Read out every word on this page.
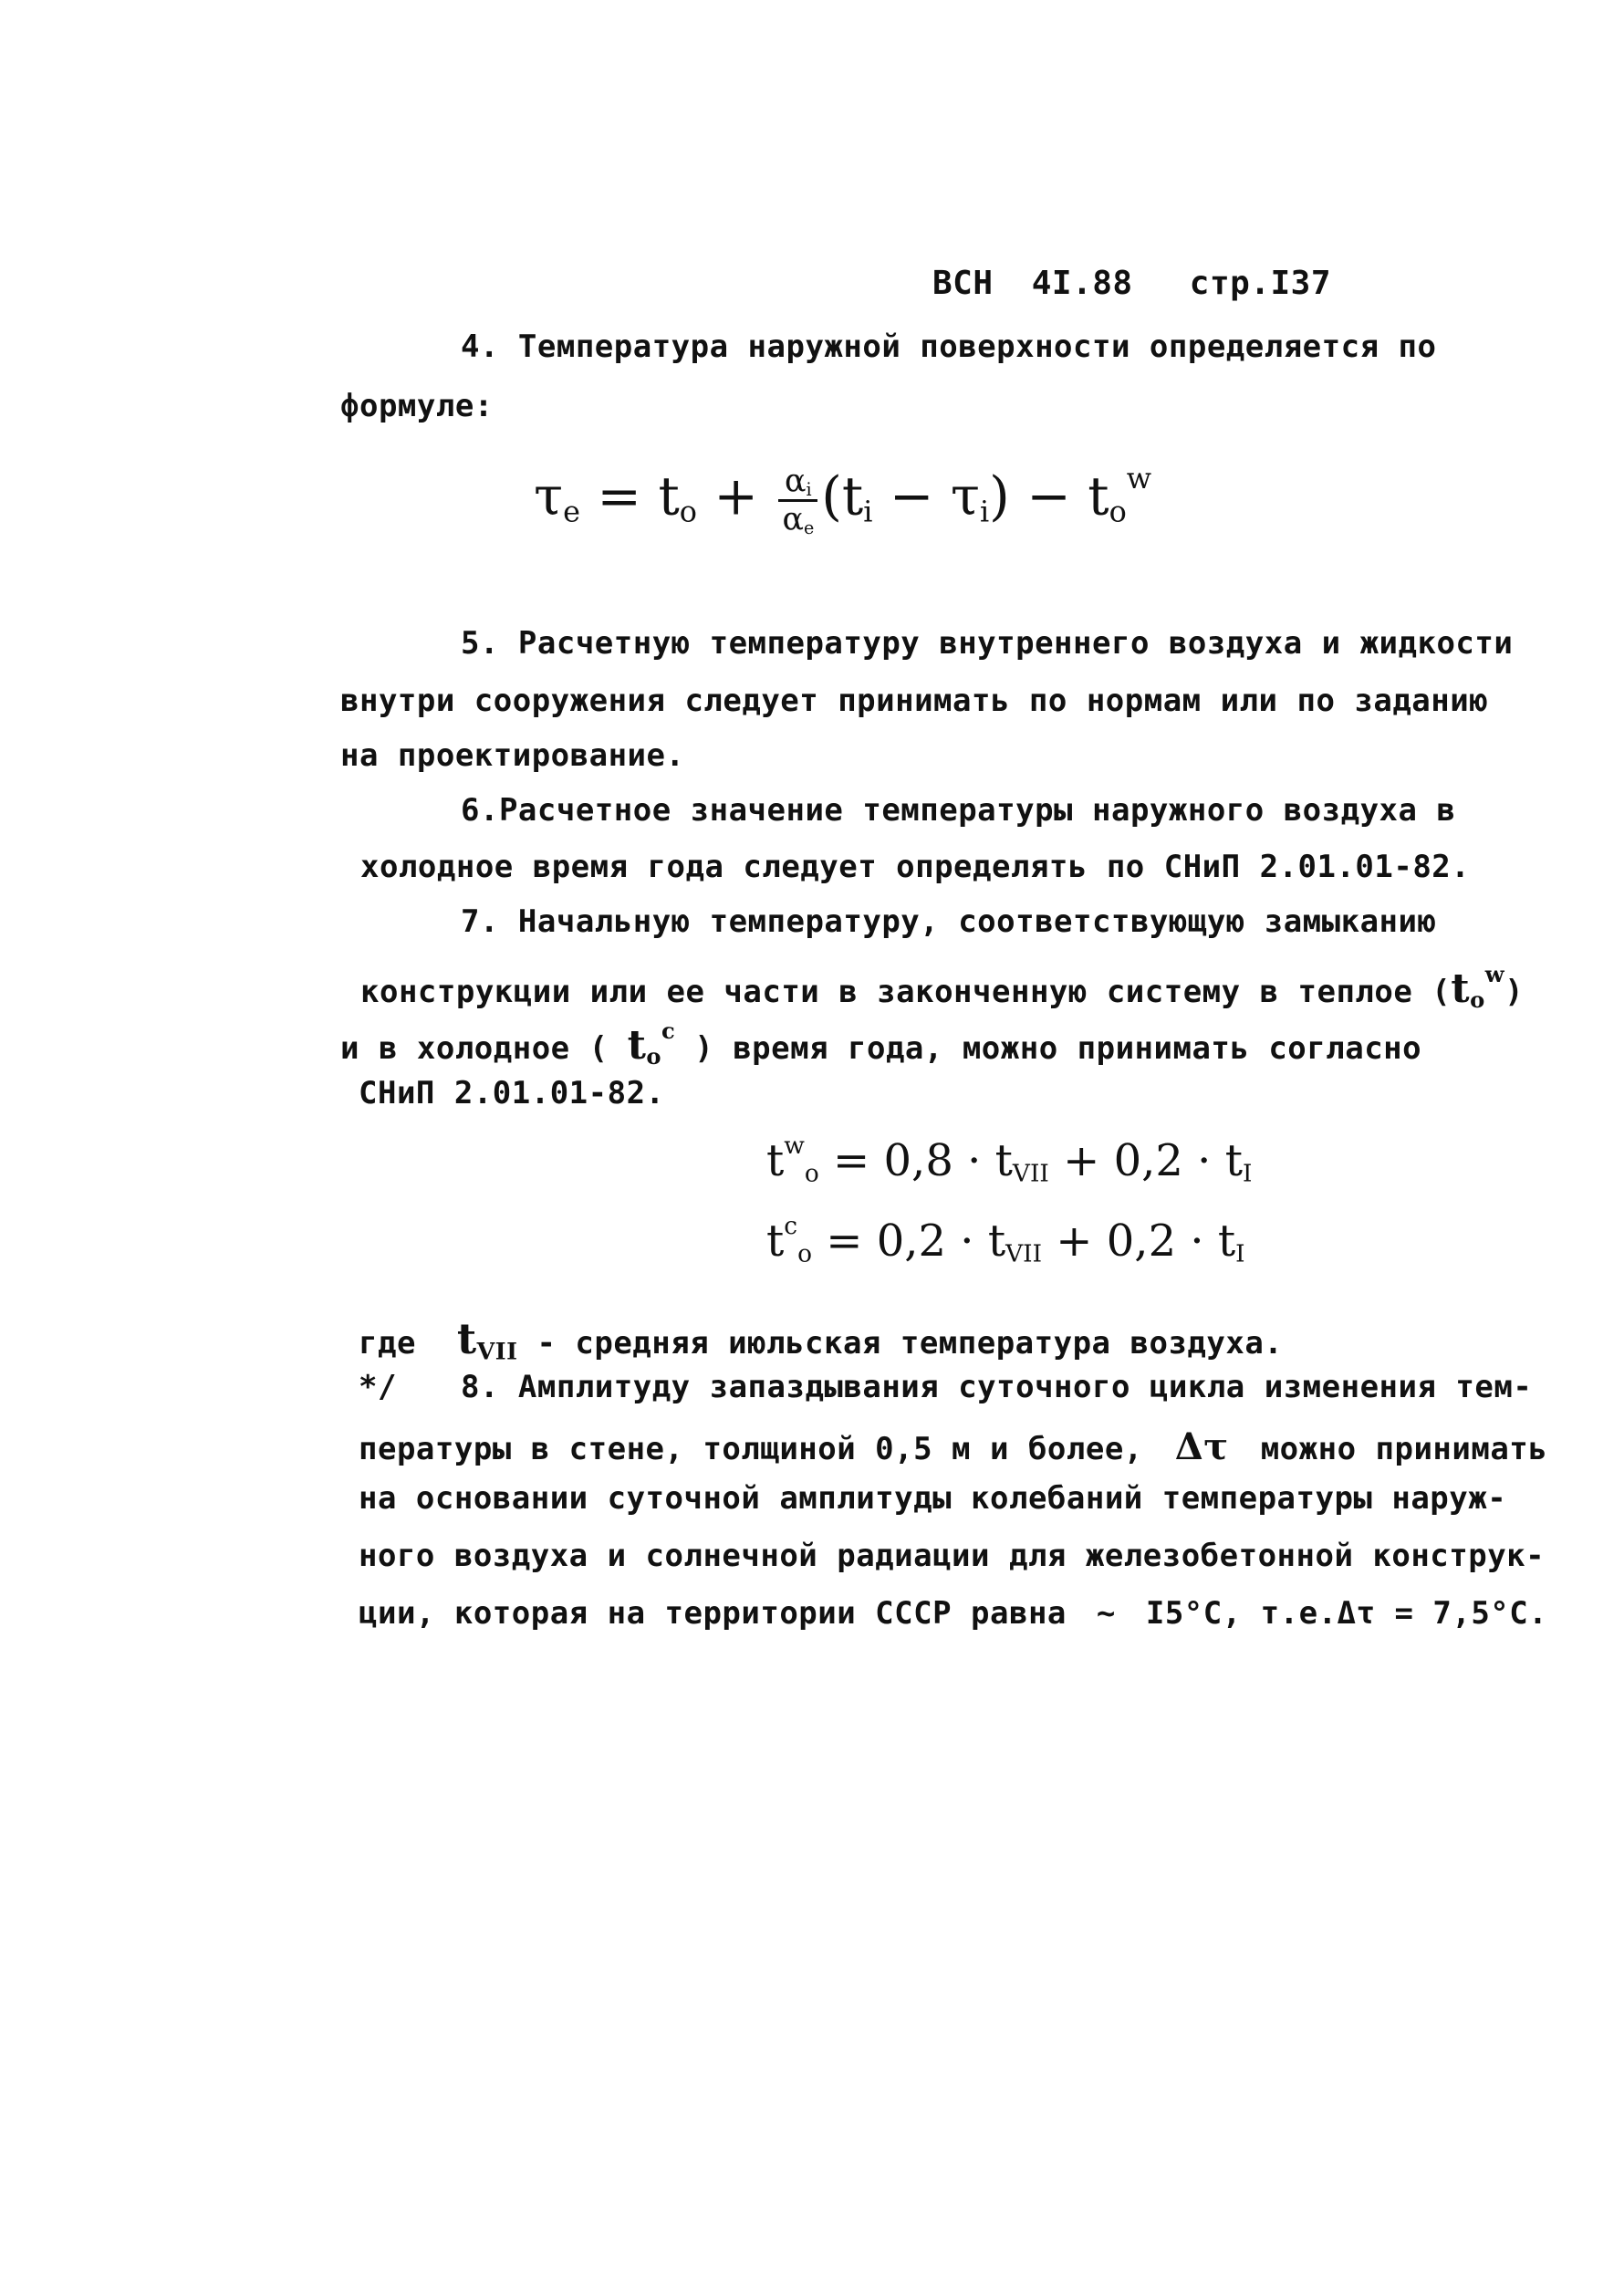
ВСН 4I.88 стр.I37
4. Температура наружной поверхности определяется по
формуле:
$\tau_e = t_o + \frac{\alpha_i}{\alpha_e} (t_i - \tau_i) - t_o^w$
5. Расчетную температуру внутреннего воздуха и жидкости
внутри сооружения следует принимать по нормам или по заданию
на проектирование.
6.Расчетное значение температуры наружного воздуха в
холодное время года следует определять по СНиП 2.01.01-82.
7. Начальную температуру, соответствующую замыканию
конструкции или ее части в законченную систему в теплое $(t_o^w)$
и в холодное ( $t_o^c$ ) время года, можно принимать согласно
СНиП 2.01.01-82.
$t^w_o = 0,8 \cdot t_{VII} + 0,2 \cdot t_I$
$t^c_o = 0,2 \cdot t_{VII} + 0,2 \cdot t_I$
где $t_{VII}$ - средняя июльская температура воздуха.
*/ 8. Амплитуду запаздывания суточного цикла изменения тем-
пературы в стене, толщиной 0,5 м и более, Δτ можно принимать
на основании суточной амплитуды колебаний температуры наруж-
ного воздуха и солнечной радиации для железобетонной конструк-
ции, которая на территории СССР равна ~ I5°С, т.е.Δτ = 7,5°С.
